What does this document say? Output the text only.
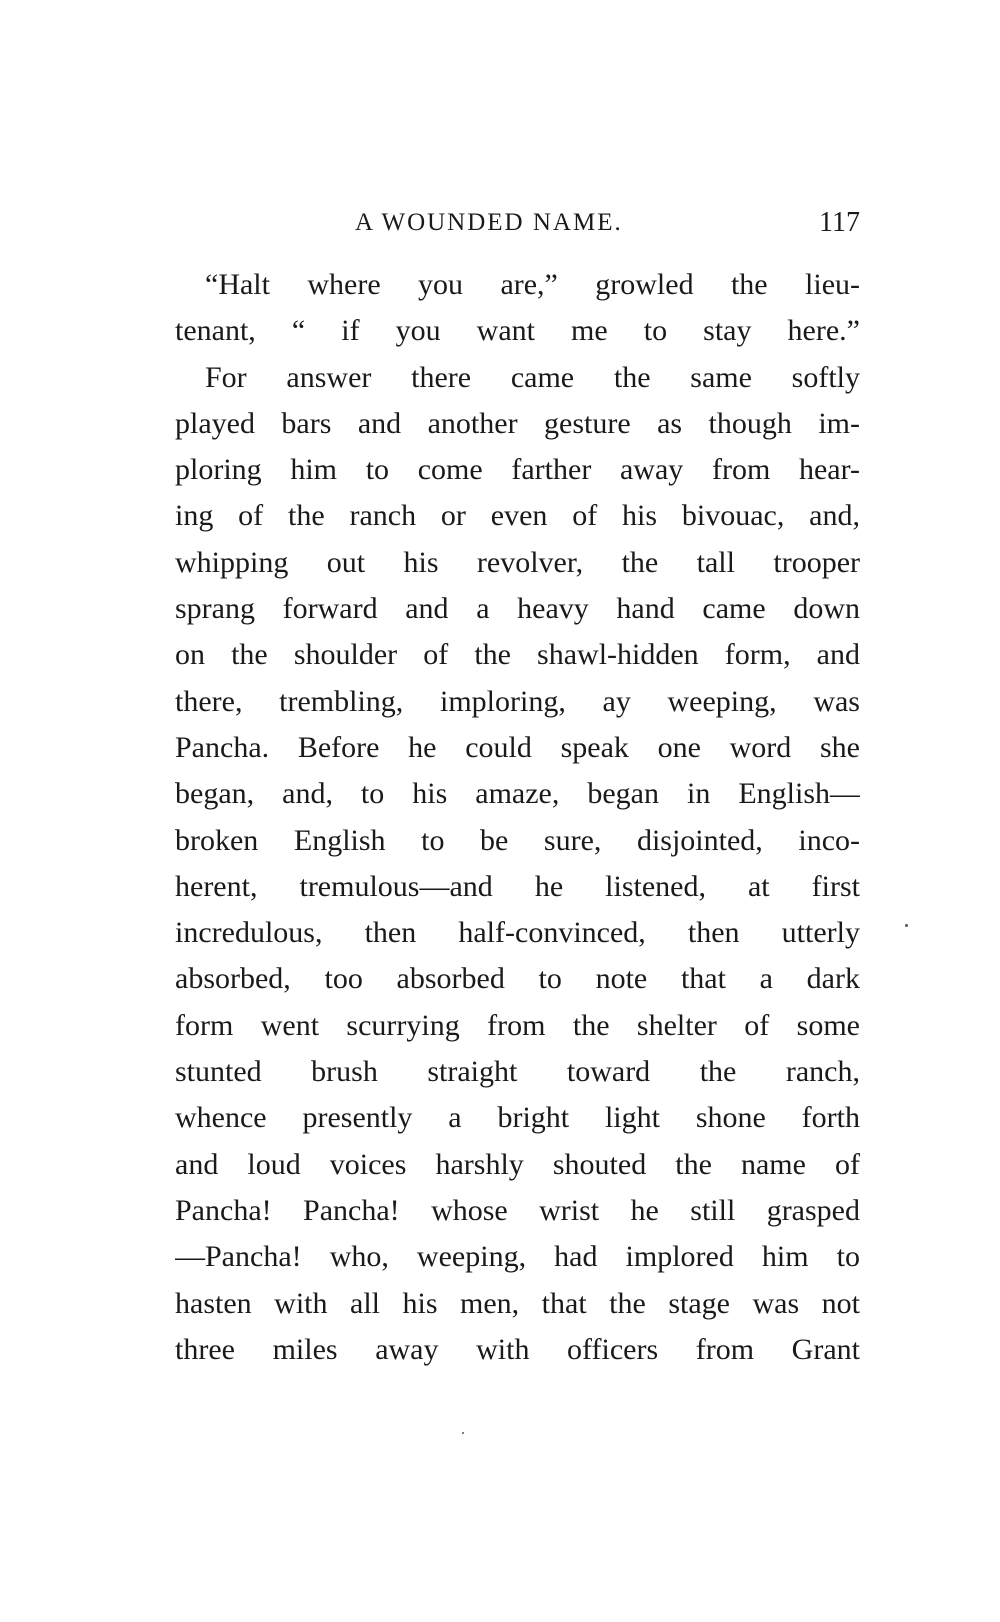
A WOUNDED NAME.	117
“Halt where you are,” growled the lieu-
tenant, “ if you want me to stay here.”
For answer there came the same softly
played bars and another gesture as though im-
ploring him to come farther away from hear-
ing of the ranch or even of his bivouac, and,
whipping out his revolver, the tall trooper
sprang forward and a heavy hand came down
on the shoulder of the shawl-hidden form, and
there, trembling, imploring, ay weeping, was
Pancha. Before he could speak one word she
began, and, to his amaze, began in English—
broken English to be sure, disjointed, inco-
herent, tremulous—and he listened, at first
incredulous, then half-convinced, then utterly
absorbed, too absorbed to note that a dark
form went scurrying from the shelter of some
stunted brush straight toward the ranch,
whence presently a bright light shone forth
and loud voices harshly shouted the name of
Pancha! Pancha! whose wrist he still grasped
—Pancha! who, weeping, had implored him to
hasten with all his men, that the stage was not
three miles away with officers from Grant
